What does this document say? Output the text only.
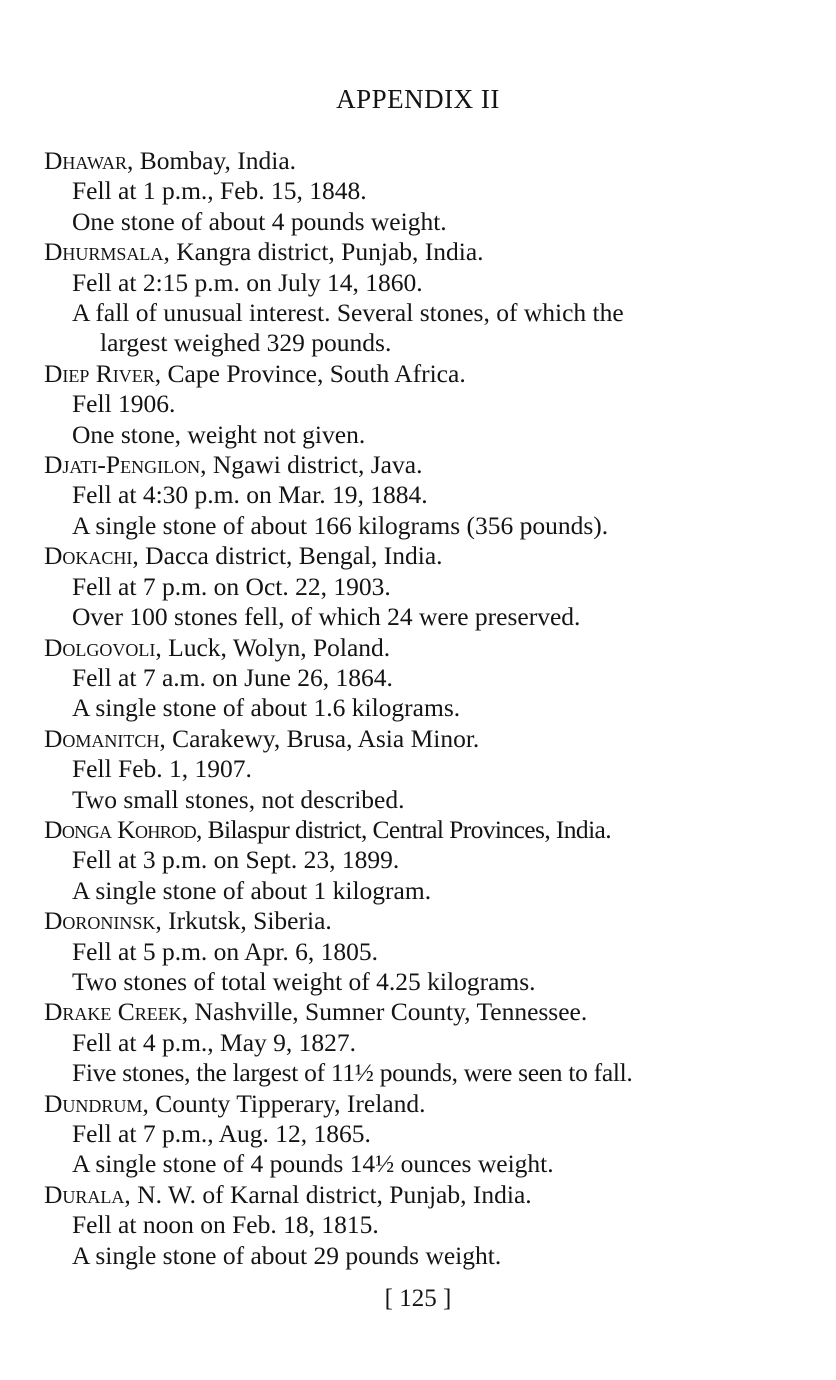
APPENDIX II
Dhawar, Bombay, India.
Fell at 1 p.m., Feb. 15, 1848.
One stone of about 4 pounds weight.
Dhurmsala, Kangra district, Punjab, India.
Fell at 2:15 p.m. on July 14, 1860.
A fall of unusual interest. Several stones, of which the
largest weighed 329 pounds.
Diep River, Cape Province, South Africa.
Fell 1906.
One stone, weight not given.
Djati-Pengilon, Ngawi district, Java.
Fell at 4:30 p.m. on Mar. 19, 1884.
A single stone of about 166 kilograms (356 pounds).
Dokachi, Dacca district, Bengal, India.
Fell at 7 p.m. on Oct. 22, 1903.
Over 100 stones fell, of which 24 were preserved.
Dolgovoli, Luck, Wolyn, Poland.
Fell at 7 a.m. on June 26, 1864.
A single stone of about 1.6 kilograms.
Domanitch, Carakewy, Brusa, Asia Minor.
Fell Feb. 1, 1907.
Two small stones, not described.
Donga Kohrod, Bilaspur district, Central Provinces, India.
Fell at 3 p.m. on Sept. 23, 1899.
A single stone of about 1 kilogram.
Doroninsk, Irkutsk, Siberia.
Fell at 5 p.m. on Apr. 6, 1805.
Two stones of total weight of 4.25 kilograms.
Drake Creek, Nashville, Sumner County, Tennessee.
Fell at 4 p.m., May 9, 1827.
Five stones, the largest of 11½ pounds, were seen to fall.
Dundrum, County Tipperary, Ireland.
Fell at 7 p.m., Aug. 12, 1865.
A single stone of 4 pounds 14½ ounces weight.
Durala, N. W. of Karnal district, Punjab, India.
Fell at noon on Feb. 18, 1815.
A single stone of about 29 pounds weight.
[ 125 ]
